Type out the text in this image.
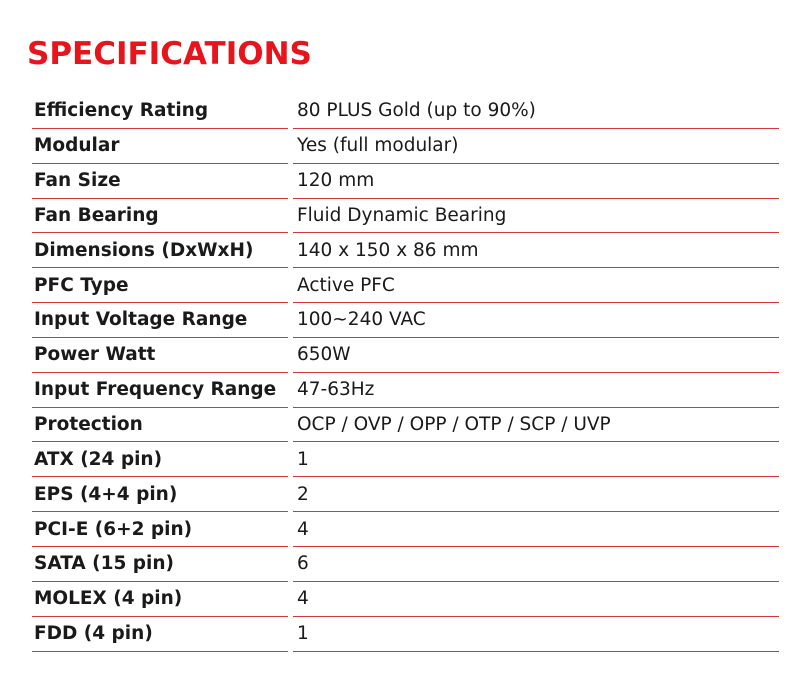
SPECIFICATIONS
Efficiency Rating	80 PLUS Gold (up to 90%)
Modular	Yes (full modular)
Fan Size	120 mm
Fan Bearing	Fluid Dynamic Bearing
Dimensions (DxWxH)	140 x 150 x 86 mm
PFC Type	Active PFC
Input Voltage Range	100~240 VAC
Power Watt	650W
Input Frequency Range	47-63Hz
Protection	OCP / OVP / OPP / OTP / SCP / UVP
ATX (24 pin)	1
EPS (4+4 pin)	2
PCI-E (6+2 pin)	4
SATA (15 pin)	6
MOLEX (4 pin)	4
FDD (4 pin)	1
